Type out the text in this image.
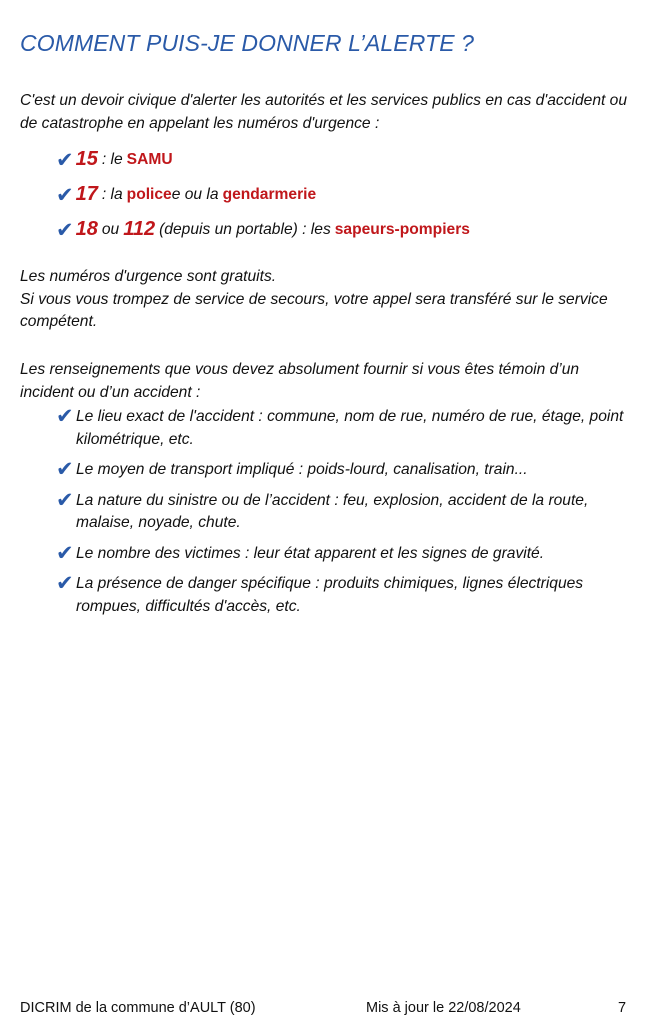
COMMENT PUIS-JE DONNER L’ALERTE ?

C'est un devoir civique d'alerter les autorités et les services publics en cas d'accident ou de catastrophe en appelant les numéros d'urgence :

✔ 15 : le SAMU
✔ 17 : la police e ou la gendarmerie
✔ 18 ou 112 (depuis un portable) : les sapeurs-pompiers
Les numéros d'urgence sont gratuits.
Si vous vous trompez de service de secours, votre appel sera transféré sur le service compétent.

Les renseignements que vous devez absolument fournir si vous êtes témoin d’un incident ou d’un accident :

✔ Le lieu exact de l'accident : commune, nom de rue, numéro de rue, étage, point kilométrique, etc.
✔ Le moyen de transport impliqué : poids-lourd, canalisation, train...
✔ La nature du sinistre ou de l’accident : feu, explosion, accident de la route, malaise, noyade, chute.
✔ Le nombre des victimes : leur état apparent et les signes de gravité.
✔ La présence de danger spécifique : produits chimiques, lignes électriques rompues, difficultés d'accès, etc.
DICRIM de la commune d’AULT (80)	Mis à jour le 22/08/2024	7
